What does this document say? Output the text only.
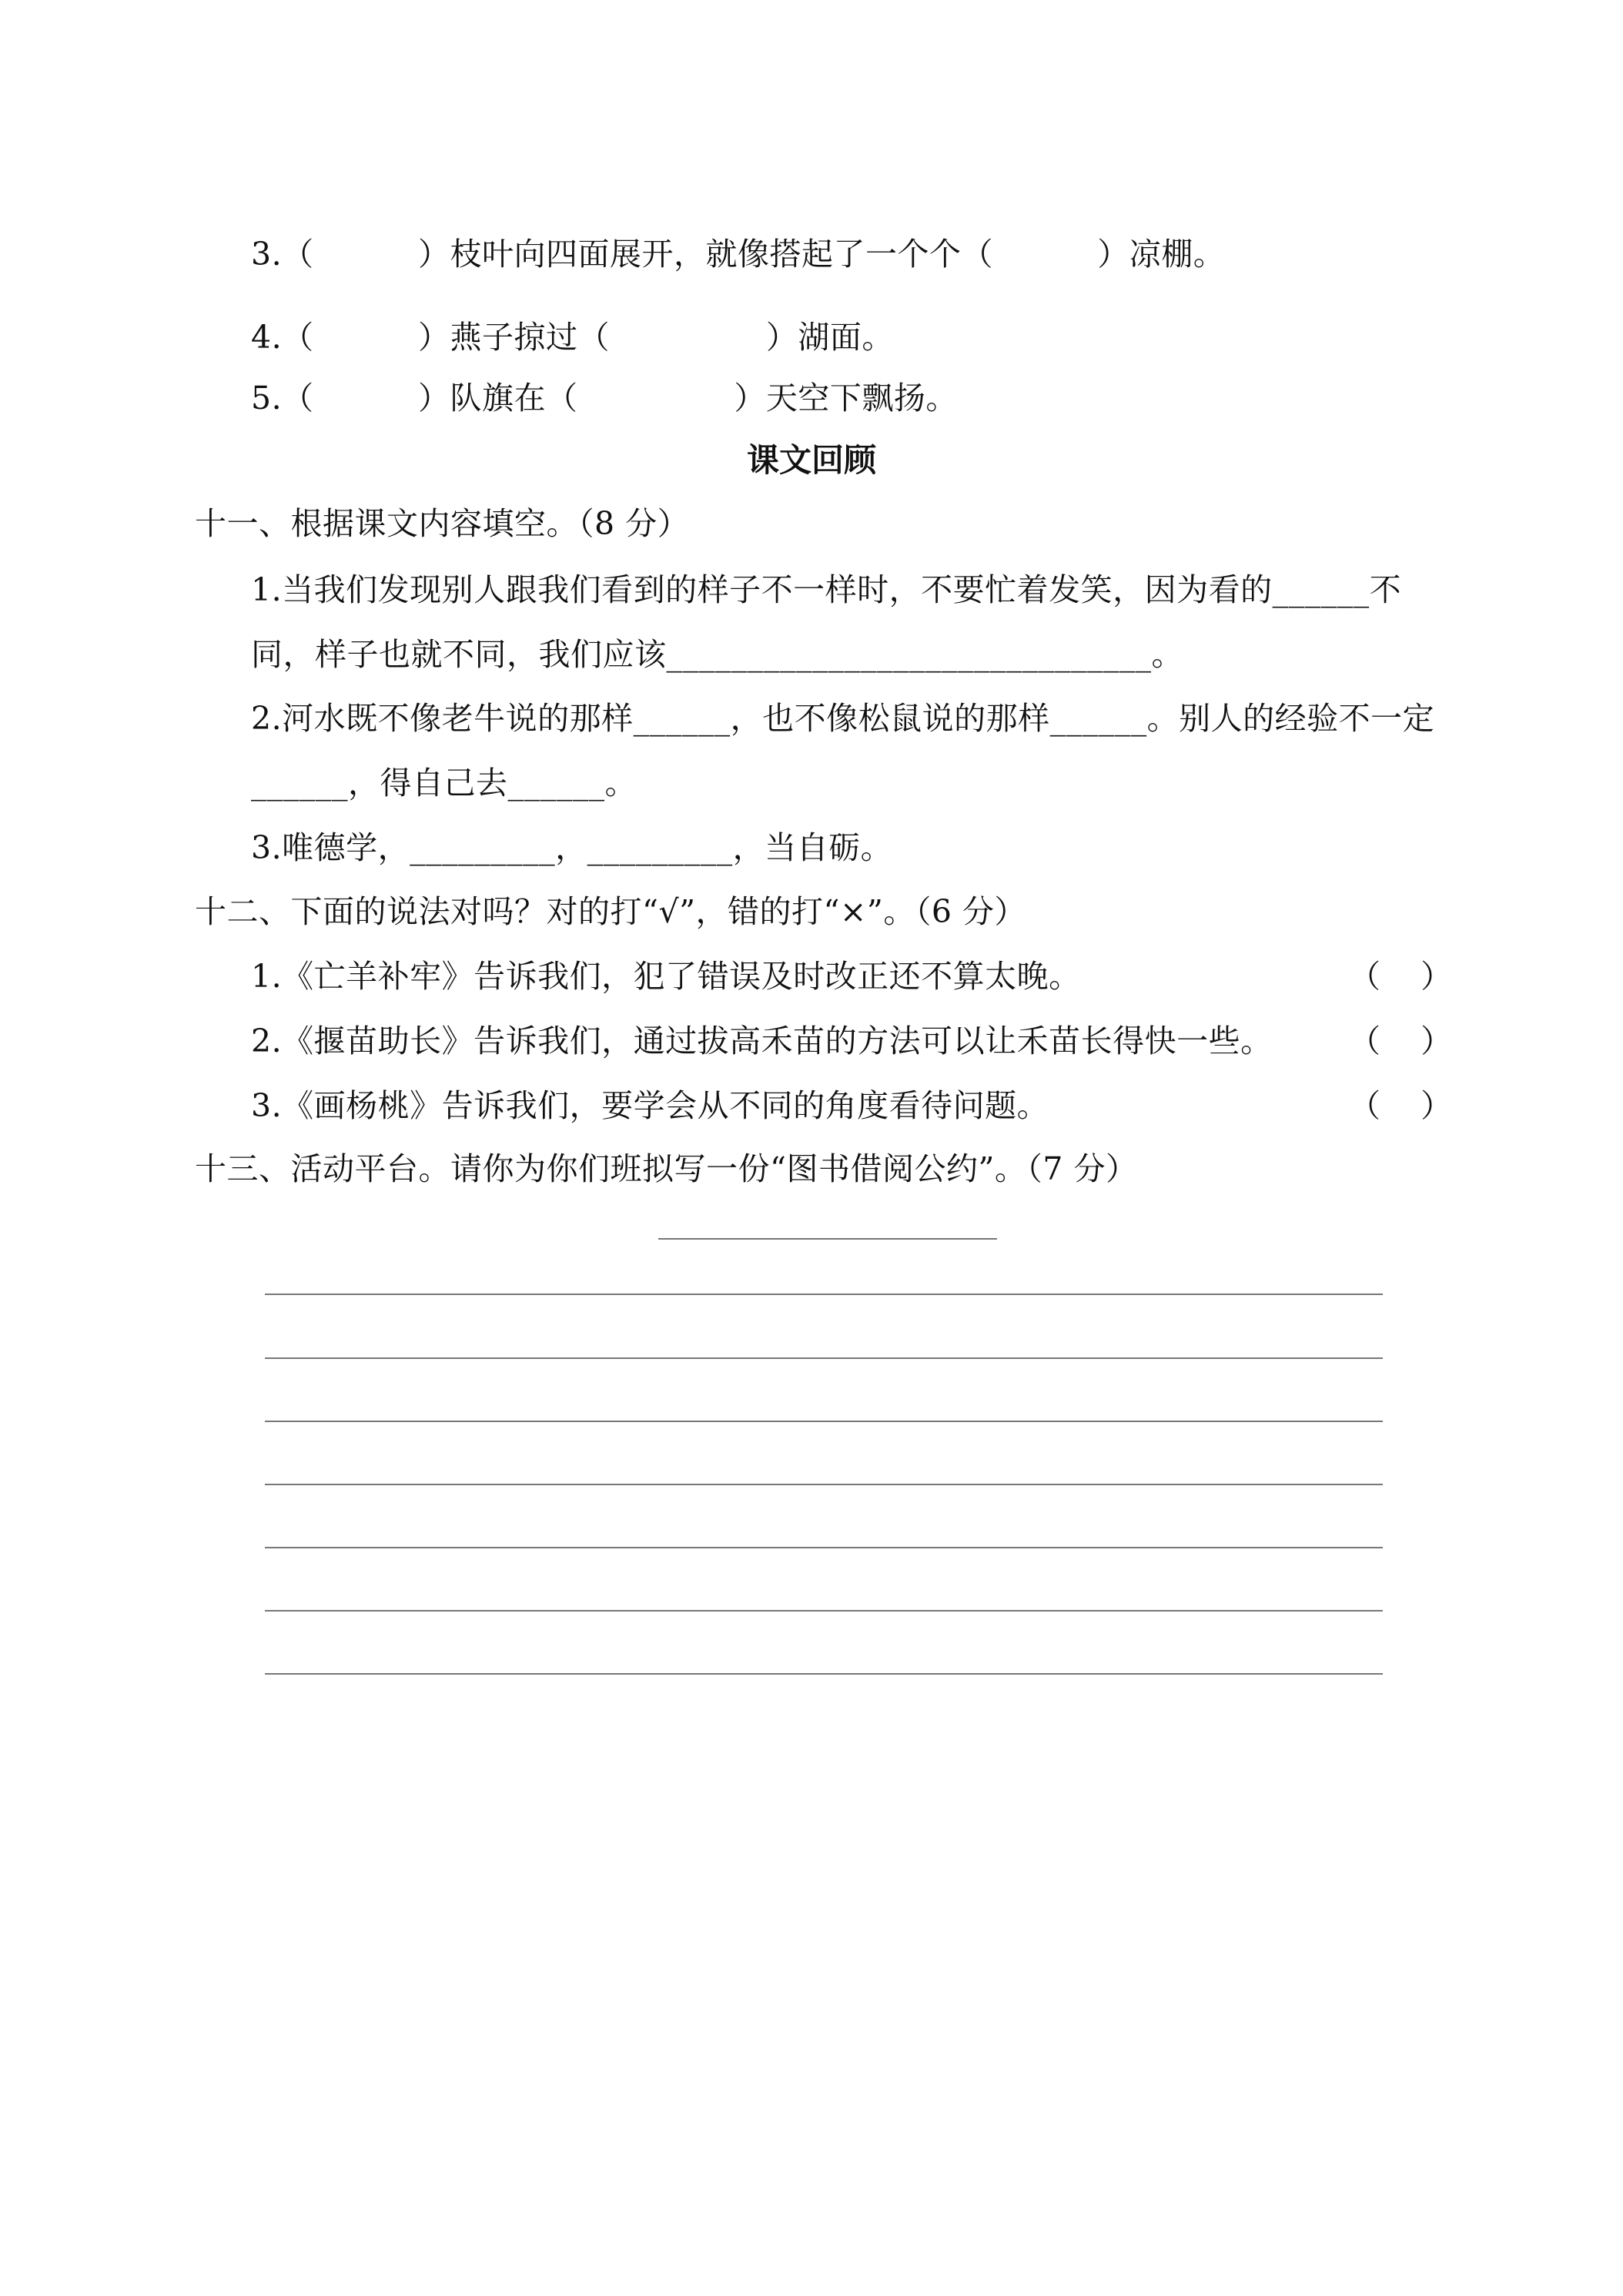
3.（          ）枝叶向四面展开，就像搭起了一个个（          ）凉棚。
4.（          ）燕子掠过（               ）湖面。
5.（          ）队旗在（               ）天空下飘扬。
课文回顾
十一、根据课文内容填空。（8 分）
1.当我们发现别人跟我们看到的样子不一样时，不要忙着发笑，因为看的______不
同，样子也就不同，我们应该______________________________。
2.河水既不像老牛说的那样______，也不像松鼠说的那样______。别人的经验不一定
______，得自己去______。
3.唯德学，_________，_________，当自砺。
十二、下面的说法对吗？对的打“√”，错的打“×”。（6 分）
1.《亡羊补牢》告诉我们，犯了错误及时改正还不算太晚。	（    ）
2.《揠苗助长》告诉我们，通过拔高禾苗的方法可以让禾苗长得快一些。 （    ）
3.《画杨桃》告诉我们，要学会从不同的角度看待问题。	（    ）
十三、活动平台。请你为你们班拟写一份“图书借阅公约”。（7 分）
